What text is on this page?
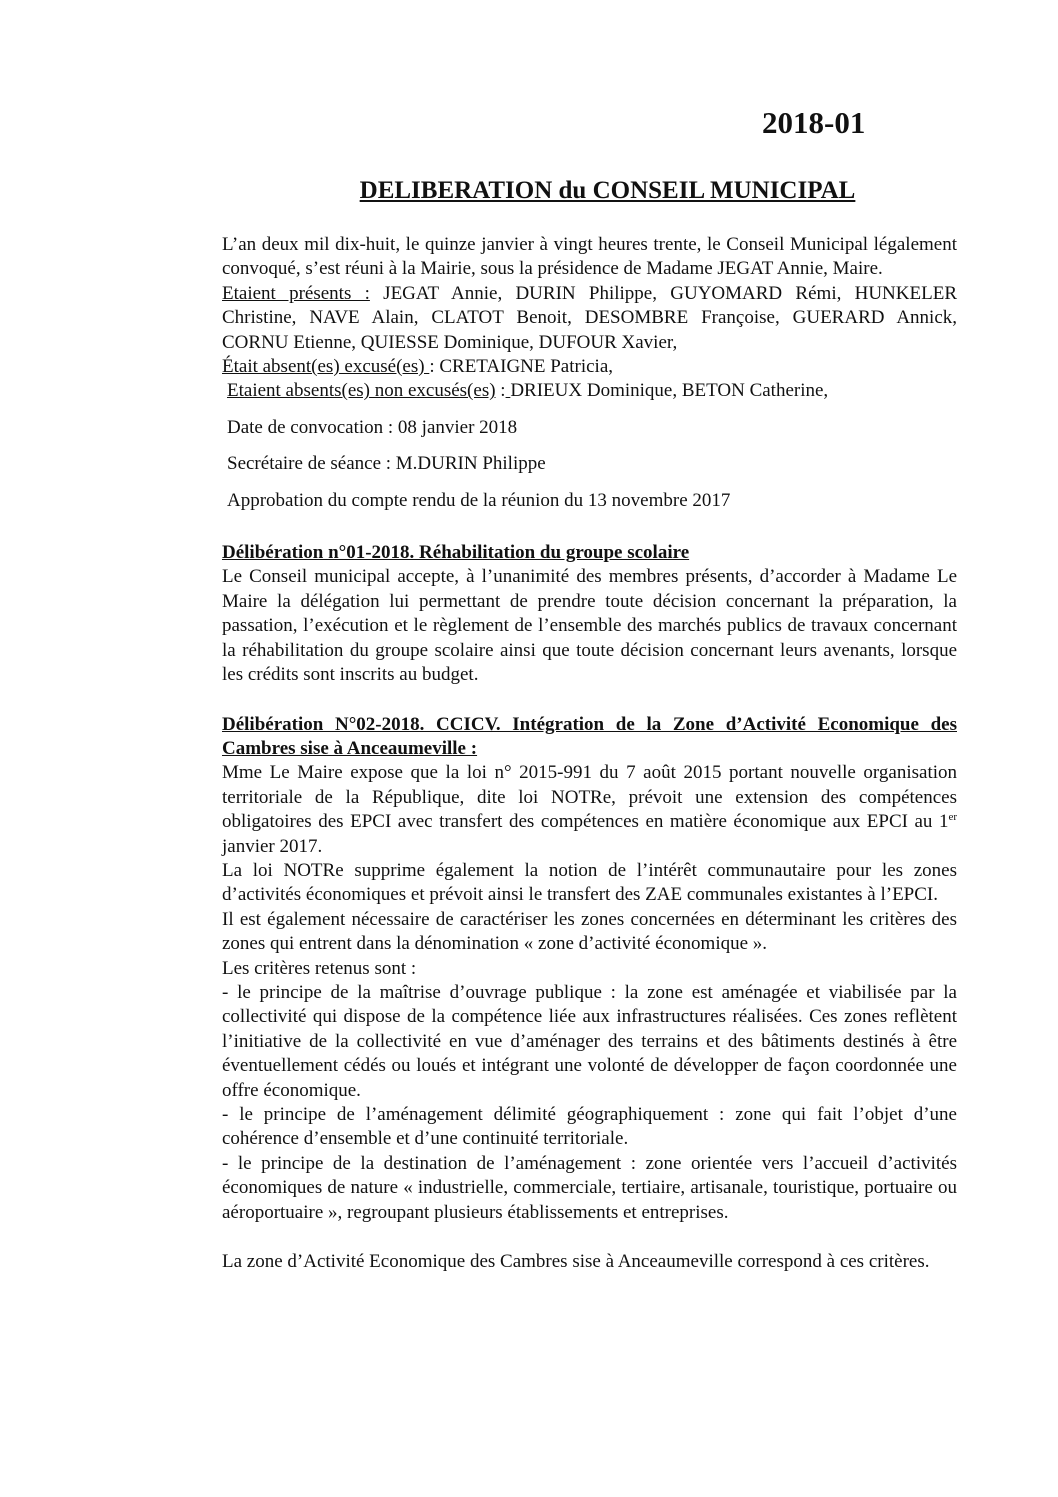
2018-01
DELIBERATION du CONSEIL MUNICIPAL

L’an deux mil dix-huit, le quinze janvier à vingt heures trente, le Conseil Municipal légalement convoqué, s’est réuni à la Mairie, sous la présidence de Madame JEGAT Annie, Maire.

Etaient présents : JEGAT Annie, DURIN Philippe, GUYOMARD Rémi, HUNKELER Christine, NAVE Alain, CLATOT Benoit, DESOMBRE Françoise, GUERARD Annick, CORNU Etienne, QUIESSE Dominique, DUFOUR Xavier,

Était absent(es) excusé(es) : CRETAIGNE Patricia,

Etaient absents(es) non excusés(es) : DRIEUX Dominique, BETON Catherine,

Date de convocation : 08 janvier 2018

Secrétaire de séance : M.DURIN Philippe

Approbation du compte rendu de la réunion du 13 novembre 2017

Délibération n°01-2018. Réhabilitation du groupe scolaire

Le Conseil municipal accepte, à l’unanimité des membres présents, d’accorder à Madame Le Maire la délégation lui permettant de prendre toute décision concernant la préparation, la passation, l’exécution et le règlement de l’ensemble des marchés publics de travaux concernant la réhabilitation du groupe scolaire ainsi que toute décision concernant leurs avenants, lorsque les crédits sont inscrits au budget.

Délibération N°02-2018. CCICV. Intégration de la Zone d’Activité Economique des Cambres sise à Anceaumeville :

Mme Le Maire expose que la loi n° 2015-991 du 7 août 2015 portant nouvelle organisation territoriale de la République, dite loi NOTRe, prévoit une extension des compétences obligatoires des EPCI avec transfert des compétences en matière économique aux EPCI au 1er janvier 2017.

La loi NOTRe supprime également la notion de l’intérêt communautaire pour les zones d’activités économiques et prévoit ainsi le transfert des ZAE communales existantes à l’EPCI.

Il est également nécessaire de caractériser les zones concernées en déterminant les critères des zones qui entrent dans la dénomination « zone d’activité économique ».

Les critères retenus sont :

- le principe de la maîtrise d’ouvrage publique : la zone est aménagée et viabilisée par la collectivité qui dispose de la compétence liée aux infrastructures réalisées. Ces zones reflètent l’initiative de la collectivité en vue d’aménager des terrains et des bâtiments destinés à être éventuellement cédés ou loués et intégrant une volonté de développer de façon coordonnée une offre économique.

- le principe de l’aménagement délimité géographiquement : zone qui fait l’objet d’une cohérence d’ensemble et d’une continuité territoriale.

- le principe de la destination de l’aménagement : zone orientée vers l’accueil d’activités économiques de nature « industrielle, commerciale, tertiaire, artisanale, touristique, portuaire ou aéroportuaire », regroupant plusieurs établissements et entreprises.

La zone d’Activité Economique des Cambres sise à Anceaumeville correspond à ces critères.
